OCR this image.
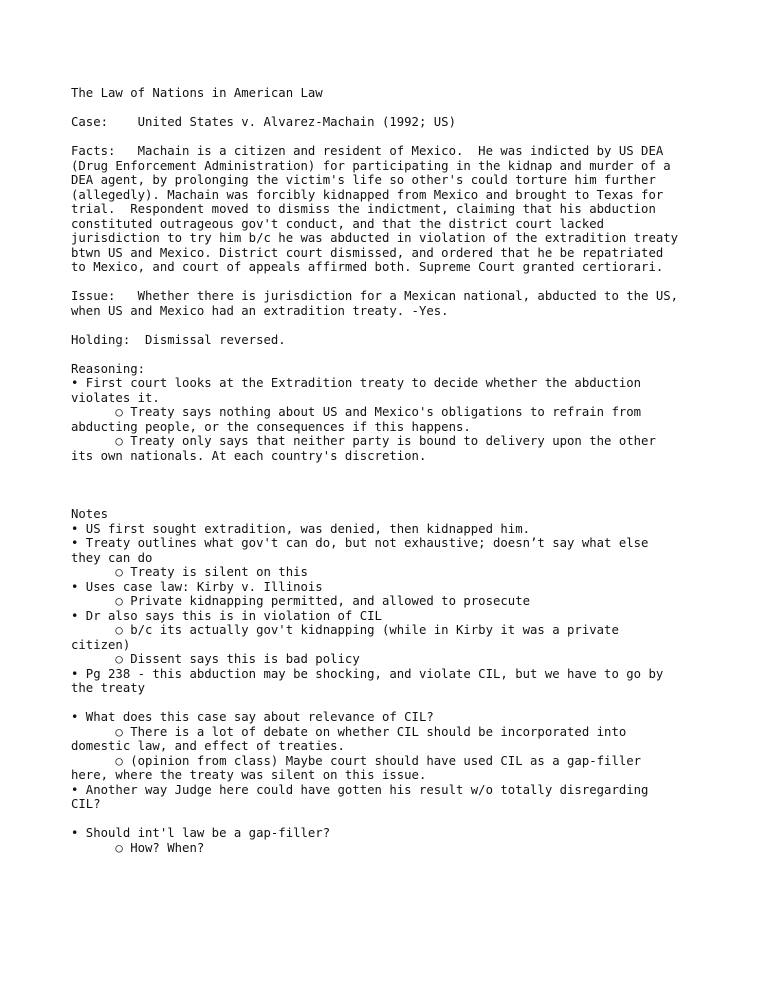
The Law of Nations in American Law
Case:    United States v. Alvarez-Machain (1992; US)
Facts:   Machain is a citizen and resident of Mexico.  He was indicted by US DEA
(Drug Enforcement Administration) for participating in the kidnap and murder of a
DEA agent, by prolonging the victim's life so other's could torture him further
(allegedly). Machain was forcibly kidnapped from Mexico and brought to Texas for
trial.  Respondent moved to dismiss the indictment, claiming that his abduction
constituted outrageous gov't conduct, and that the district court lacked
jurisdiction to try him b/c he was abducted in violation of the extradition treaty
btwn US and Mexico. District court dismissed, and ordered that he be repatriated
to Mexico, and court of appeals affirmed both. Supreme Court granted certiorari.
Issue:   Whether there is jurisdiction for a Mexican national, abducted to the US,
when US and Mexico had an extradition treaty. -Yes.
Holding:  Dismissal reversed.
Reasoning:
• First court looks at the Extradition treaty to decide whether the abduction
violates it.
○ Treaty says nothing about US and Mexico's obligations to refrain from
abducting people, or the consequences if this happens.
○ Treaty only says that neither party is bound to delivery upon the other
its own nationals. At each country's discretion.
Notes
• US first sought extradition, was denied, then kidnapped him.
• Treaty outlines what gov't can do, but not exhaustive; doesn’t say what else
they can do
○ Treaty is silent on this
• Uses case law: Kirby v. Illinois
○ Private kidnapping permitted, and allowed to prosecute
• Dr also says this is in violation of CIL
○ b/c its actually gov't kidnapping (while in Kirby it was a private
citizen)
○ Dissent says this is bad policy
• Pg 238 - this abduction may be shocking, and violate CIL, but we have to go by
the treaty
• What does this case say about relevance of CIL?
○ There is a lot of debate on whether CIL should be incorporated into
domestic law, and effect of treaties.
○ (opinion from class) Maybe court should have used CIL as a gap-filler
here, where the treaty was silent on this issue.
• Another way Judge here could have gotten his result w/o totally disregarding
CIL?
• Should int'l law be a gap-filler?
○ How? When?
